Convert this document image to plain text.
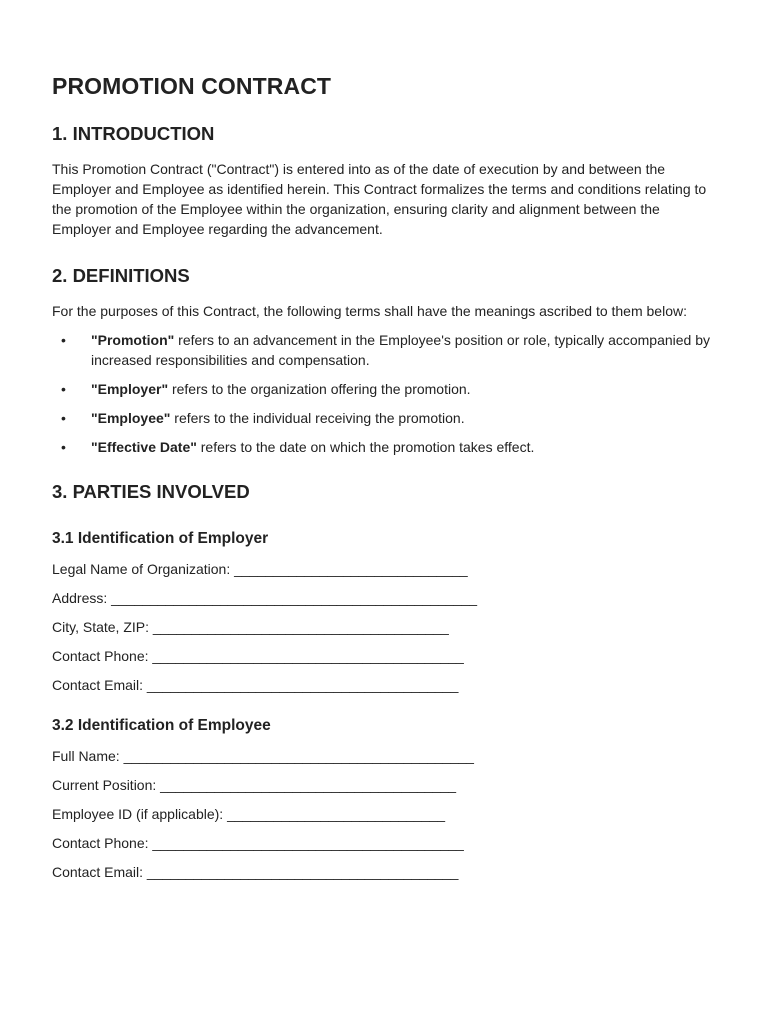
PROMOTION CONTRACT
1. INTRODUCTION

This Promotion Contract ("Contract") is entered into as of the date of execution by and between the Employer and Employee as identified herein. This Contract formalizes the terms and conditions relating to the promotion of the Employee within the organization, ensuring clarity and alignment between the Employer and Employee regarding the advancement.

2. DEFINITIONS

For the purposes of this Contract, the following terms shall have the meanings ascribed to them below:

• "Promotion" refers to an advancement in the Employee's position or role, typically accompanied by increased responsibilities and compensation.
• "Employer" refers to the organization offering the promotion.
• "Employee" refers to the individual receiving the promotion.
• "Effective Date" refers to the date on which the promotion takes effect.
3. PARTIES INVOLVED
3.1 Identification of Employer
Legal Name of Organization: ______________________________
Address: _______________________________________________
City, State, ZIP: ______________________________________
Contact Phone: ________________________________________
Contact Email: ________________________________________
3.2 Identification of Employee
Full Name: _____________________________________________
Current Position: ______________________________________
Employee ID (if applicable): ____________________________
Contact Phone: ________________________________________
Contact Email: ________________________________________
